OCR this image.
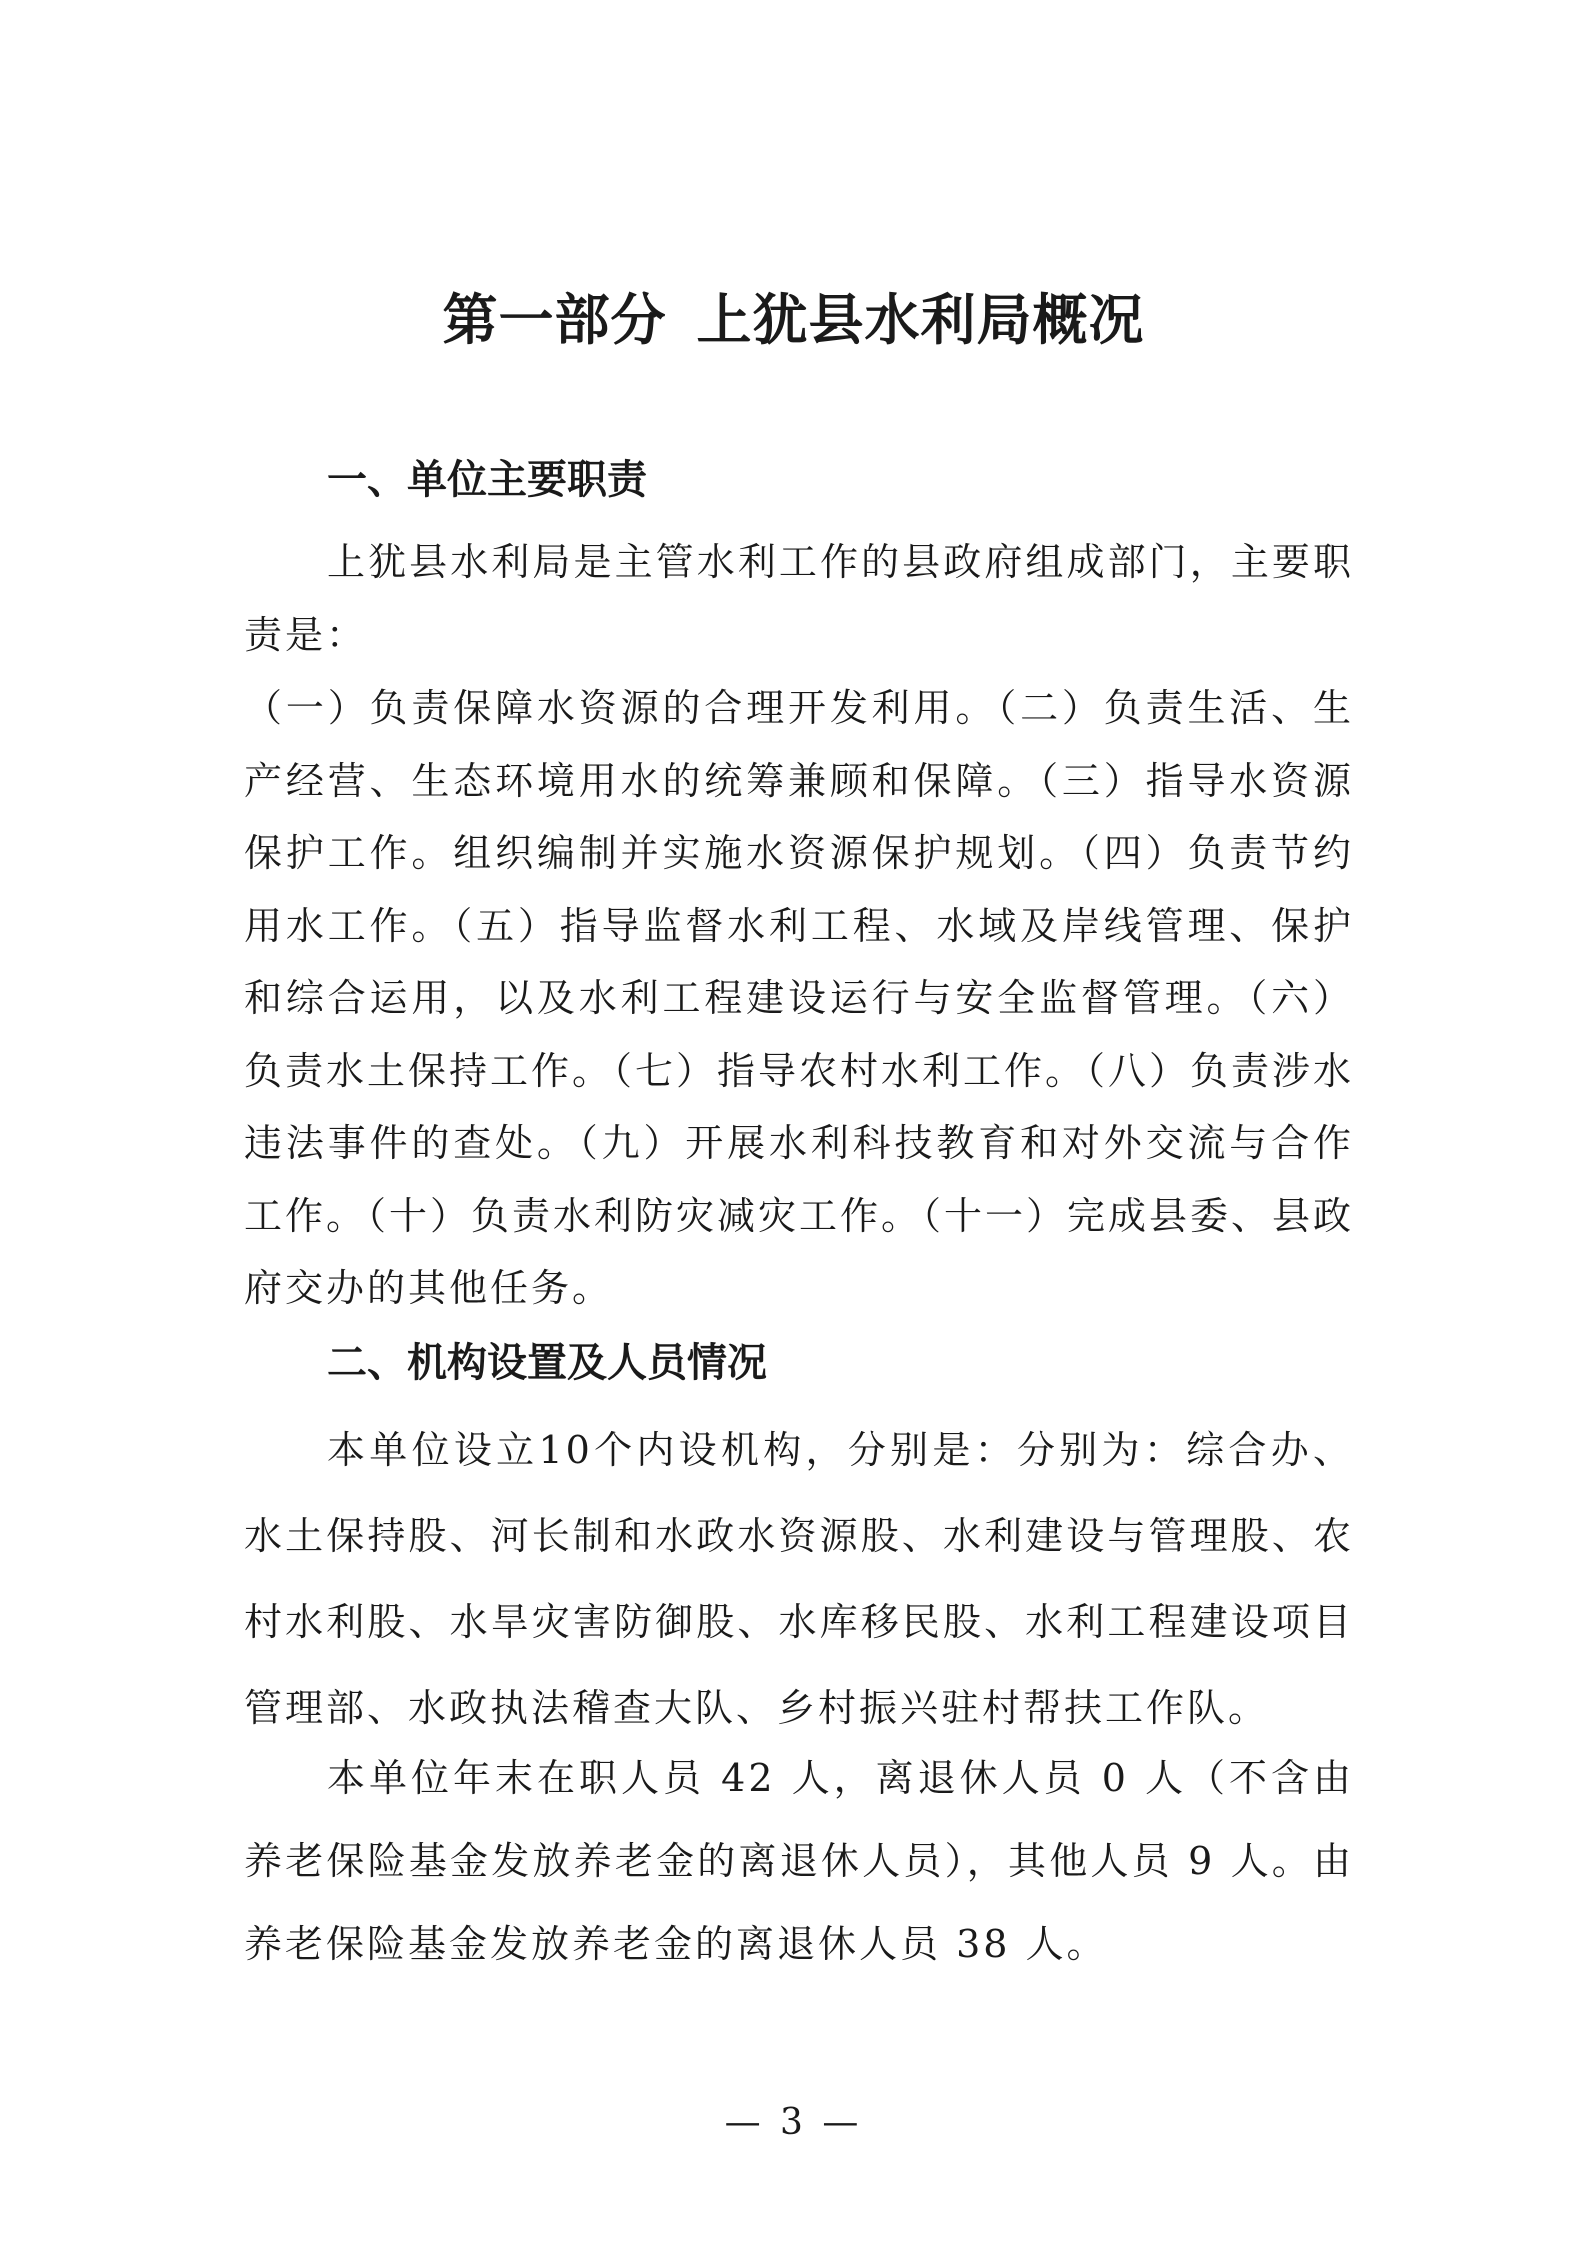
第一部分 上犹县水利局概况
一、单位主要职责

上犹县水利局是主管水利工作的县政府组成部门，主要职责是：

（一）负责保障水资源的合理开发利用。（二）负责生活、生产经营、生态环境用水的统筹兼顾和保障。（三）指导水资源保护工作。组织编制并实施水资源保护规划。（四）负责节约用水工作。（五）指导监督水利工程、水域及岸线管理、保护和综合运用，以及水利工程建设运行与安全监督管理。（六）负责水土保持工作。（七）指导农村水利工作。（八）负责涉水违法事件的查处。（九）开展水利科技教育和对外交流与合作工作。（十）负责水利防灾减灾工作。（十一）完成县委、县政府交办的其他任务。

二、机构设置及人员情况

本单位设立10个内设机构，分别是：分别为：综合办、水土保持股、河长制和水政水资源股、水利建设与管理股、农村水利股、水旱灾害防御股、水库移民股、水利工程建设项目管理部、水政执法稽查大队、乡村振兴驻村帮扶工作队。

本单位年末在职人员 42 人，离退休人员 0 人（不含由养老保险基金发放养老金的离退休人员），其他人员 9 人。由养老保险基金发放养老金的离退休人员 38 人。

— 3 —
